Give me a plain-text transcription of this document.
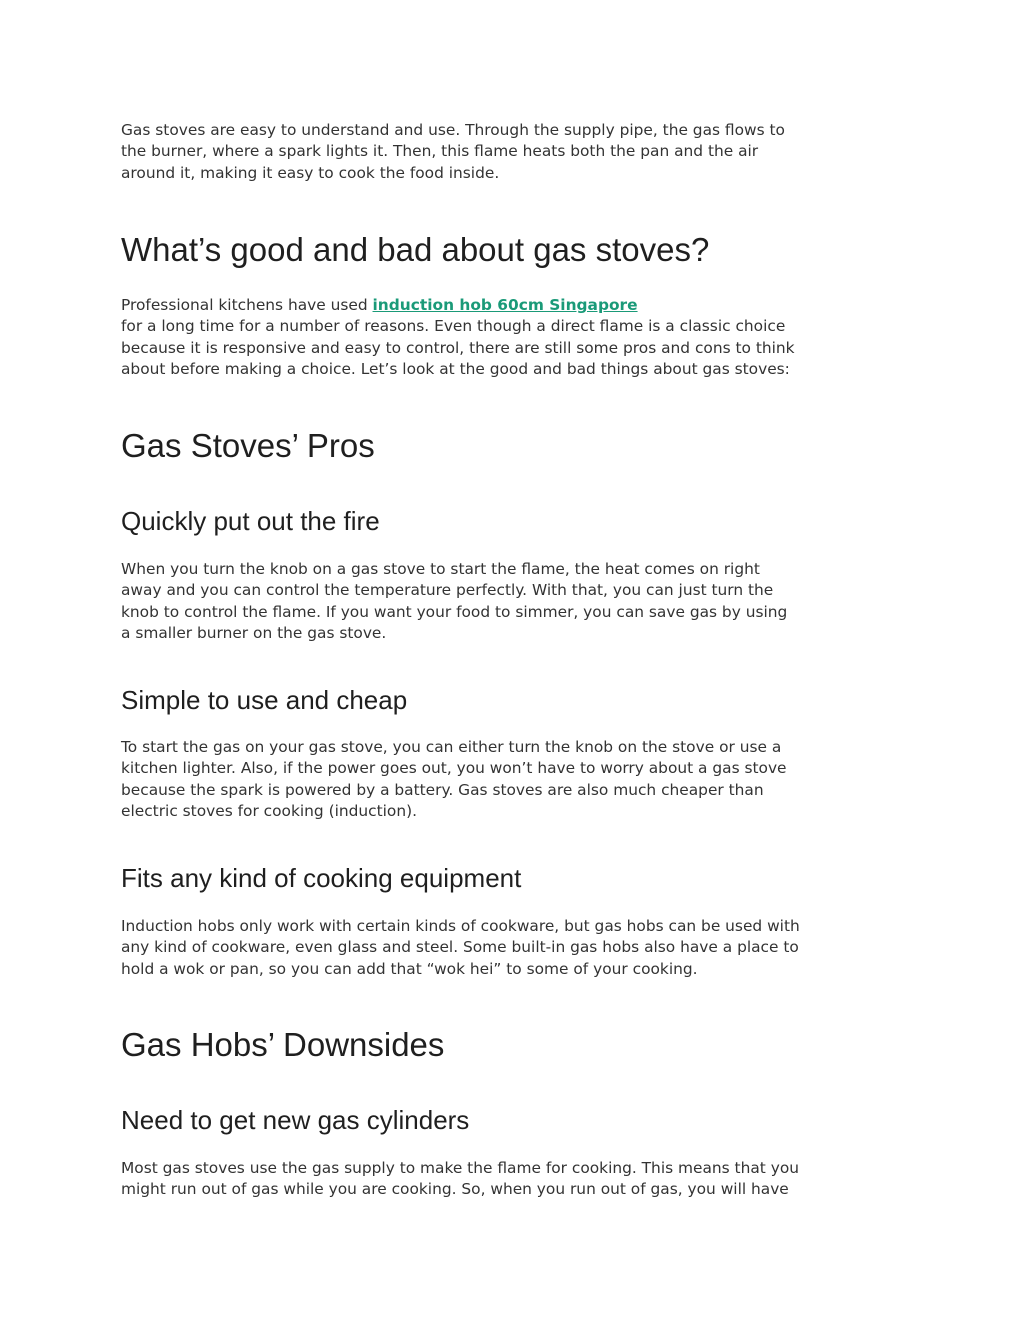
Gas stoves are easy to understand and use. Through the supply pipe, the gas flows to
the burner, where a spark lights it. Then, this flame heats both the pan and the air
around it, making it easy to cook the food inside.

What’s good and bad about gas stoves?

Professional kitchens have used induction hob 60cm Singapore
for a long time for a number of reasons. Even though a direct flame is a classic choice
because it is responsive and easy to control, there are still some pros and cons to think
about before making a choice. Let’s look at the good and bad things about gas stoves:

Gas Stoves’ Pros
Quickly put out the fire

When you turn the knob on a gas stove to start the flame, the heat comes on right
away and you can control the temperature perfectly. With that, you can just turn the
knob to control the flame. If you want your food to simmer, you can save gas by using
a smaller burner on the gas stove.

Simple to use and cheap

To start the gas on your gas stove, you can either turn the knob on the stove or use a
kitchen lighter. Also, if the power goes out, you won’t have to worry about a gas stove
because the spark is powered by a battery. Gas stoves are also much cheaper than
electric stoves for cooking (induction).

Fits any kind of cooking equipment

Induction hobs only work with certain kinds of cookware, but gas hobs can be used with
any kind of cookware, even glass and steel. Some built-in gas hobs also have a place to
hold a wok or pan, so you can add that “wok hei” to some of your cooking.

Gas Hobs’ Downsides
Need to get new gas cylinders

Most gas stoves use the gas supply to make the flame for cooking. This means that you
might run out of gas while you are cooking. So, when you run out of gas, you will have
